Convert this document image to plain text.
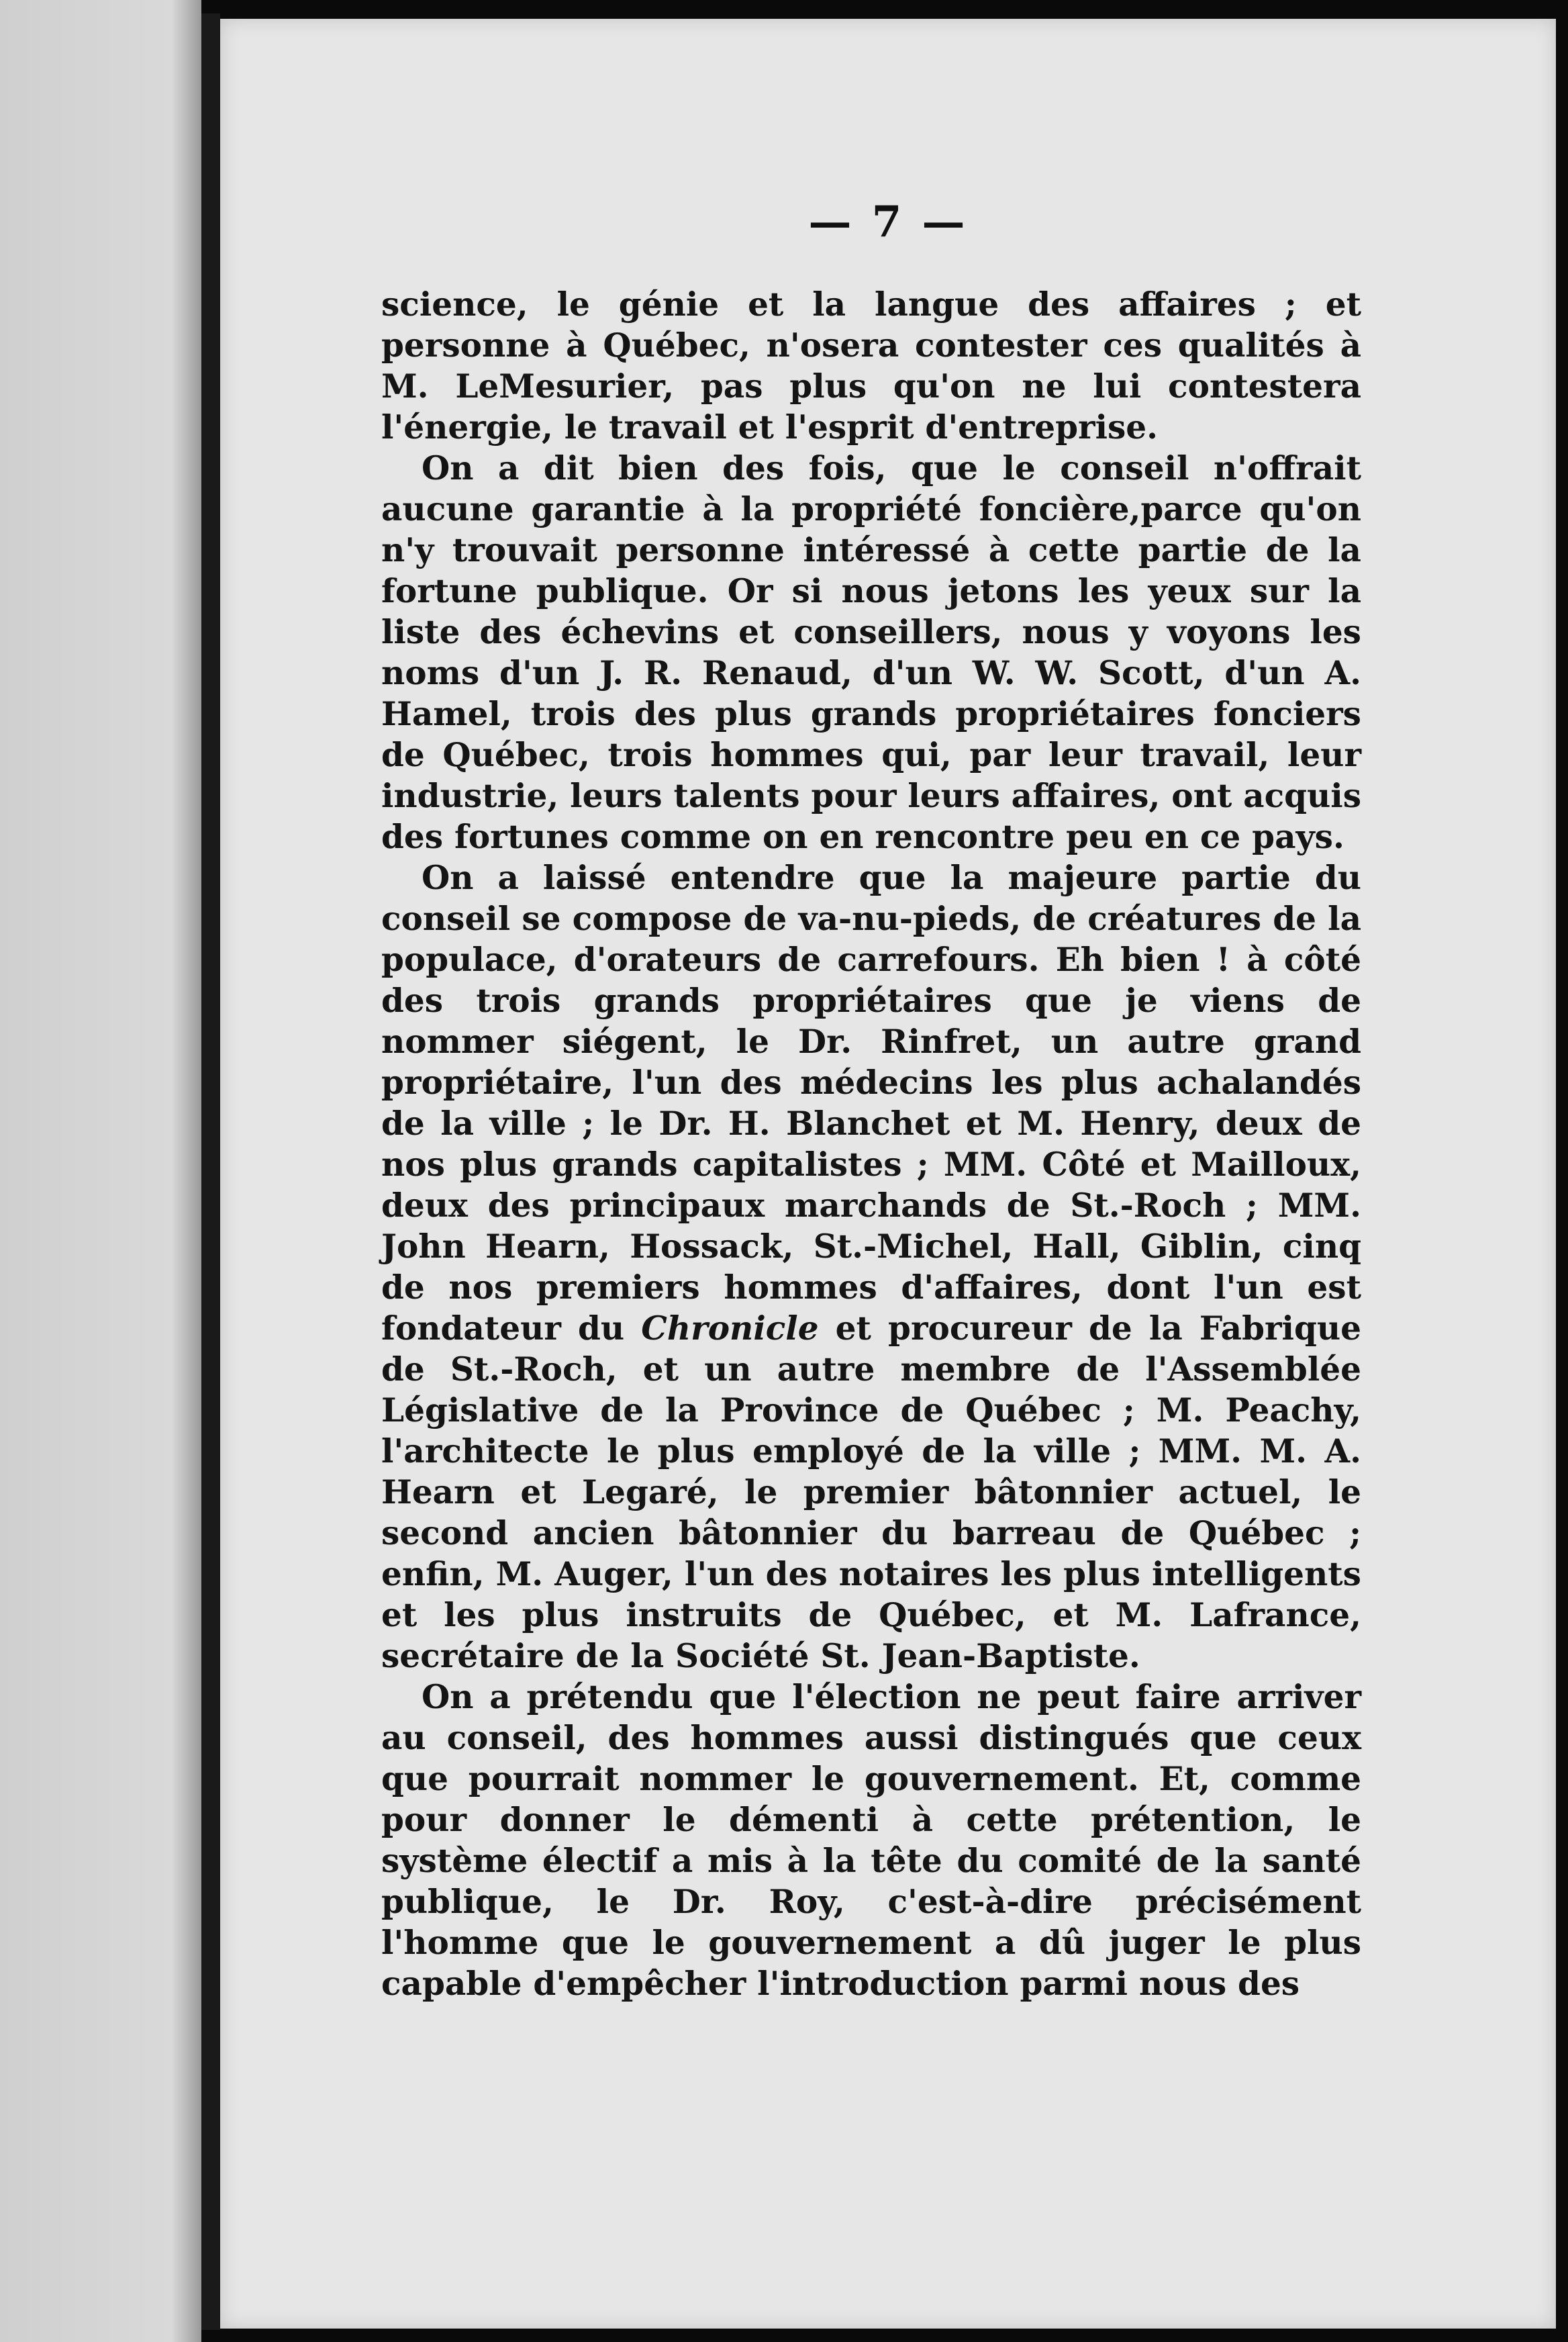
— 7 —

science, le génie et la langue des affaires ; et personne à Québec, n'osera contester ces qualités à M. LeMesurier, pas plus qu'on ne lui contestera l'énergie, le travail et l'esprit d'entreprise.

On a dit bien des fois, que le conseil n'offrait aucune garantie à la propriété foncière,parce qu'on n'y trouvait personne intéressé à cette partie de la fortune publique. Or si nous jetons les yeux sur la liste des échevins et conseillers, nous y voyons les noms d'un J. R. Renaud, d'un W. W. Scott, d'un A. Hamel, trois des plus grands propriétaires fonciers de Québec, trois hommes qui, par leur travail, leur industrie, leurs talents pour leurs affaires, ont acquis des fortunes comme on en rencontre peu en ce pays.

On a laissé entendre que la majeure partie du conseil se compose de va-nu-pieds, de créatures de la populace, d'orateurs de carrefours. Eh bien ! à côté des trois grands propriétaires que je viens de nommer siégent, le Dr. Rinfret, un autre grand propriétaire, l'un des médecins les plus achalandés de la ville ; le Dr. H. Blanchet et M. Henry, deux de nos plus grands capitalistes ; MM. Côté et Mailloux, deux des principaux marchands de St.-Roch ; MM. John Hearn, Hossack, St.-Michel, Hall, Giblin, cinq de nos premiers hommes d'affaires, dont l'un est fondateur du Chronicle et procureur de la Fabrique de St.-Roch, et un autre membre de l'Assemblée Législative de la Province de Québec ; M. Peachy, l'architecte le plus employé de la ville ; MM. M. A. Hearn et Legaré, le premier bâtonnier actuel, le second ancien bâtonnier du barreau de Québec ; enfin, M. Auger, l'un des notaires les plus intelligents et les plus instruits de Québec, et M. Lafrance, secrétaire de la Société St. Jean-Baptiste.

On a prétendu que l'élection ne peut faire arriver au conseil, des hommes aussi distingués que ceux que pourrait nommer le gouvernement. Et, comme pour donner le démenti à cette prétention, le système électif a mis à la tête du comité de la santé publique, le Dr. Roy, c'est-à-dire précisément l'homme que le gouvernement a dû juger le plus capable d'empêcher l'introduction parmi nous des
